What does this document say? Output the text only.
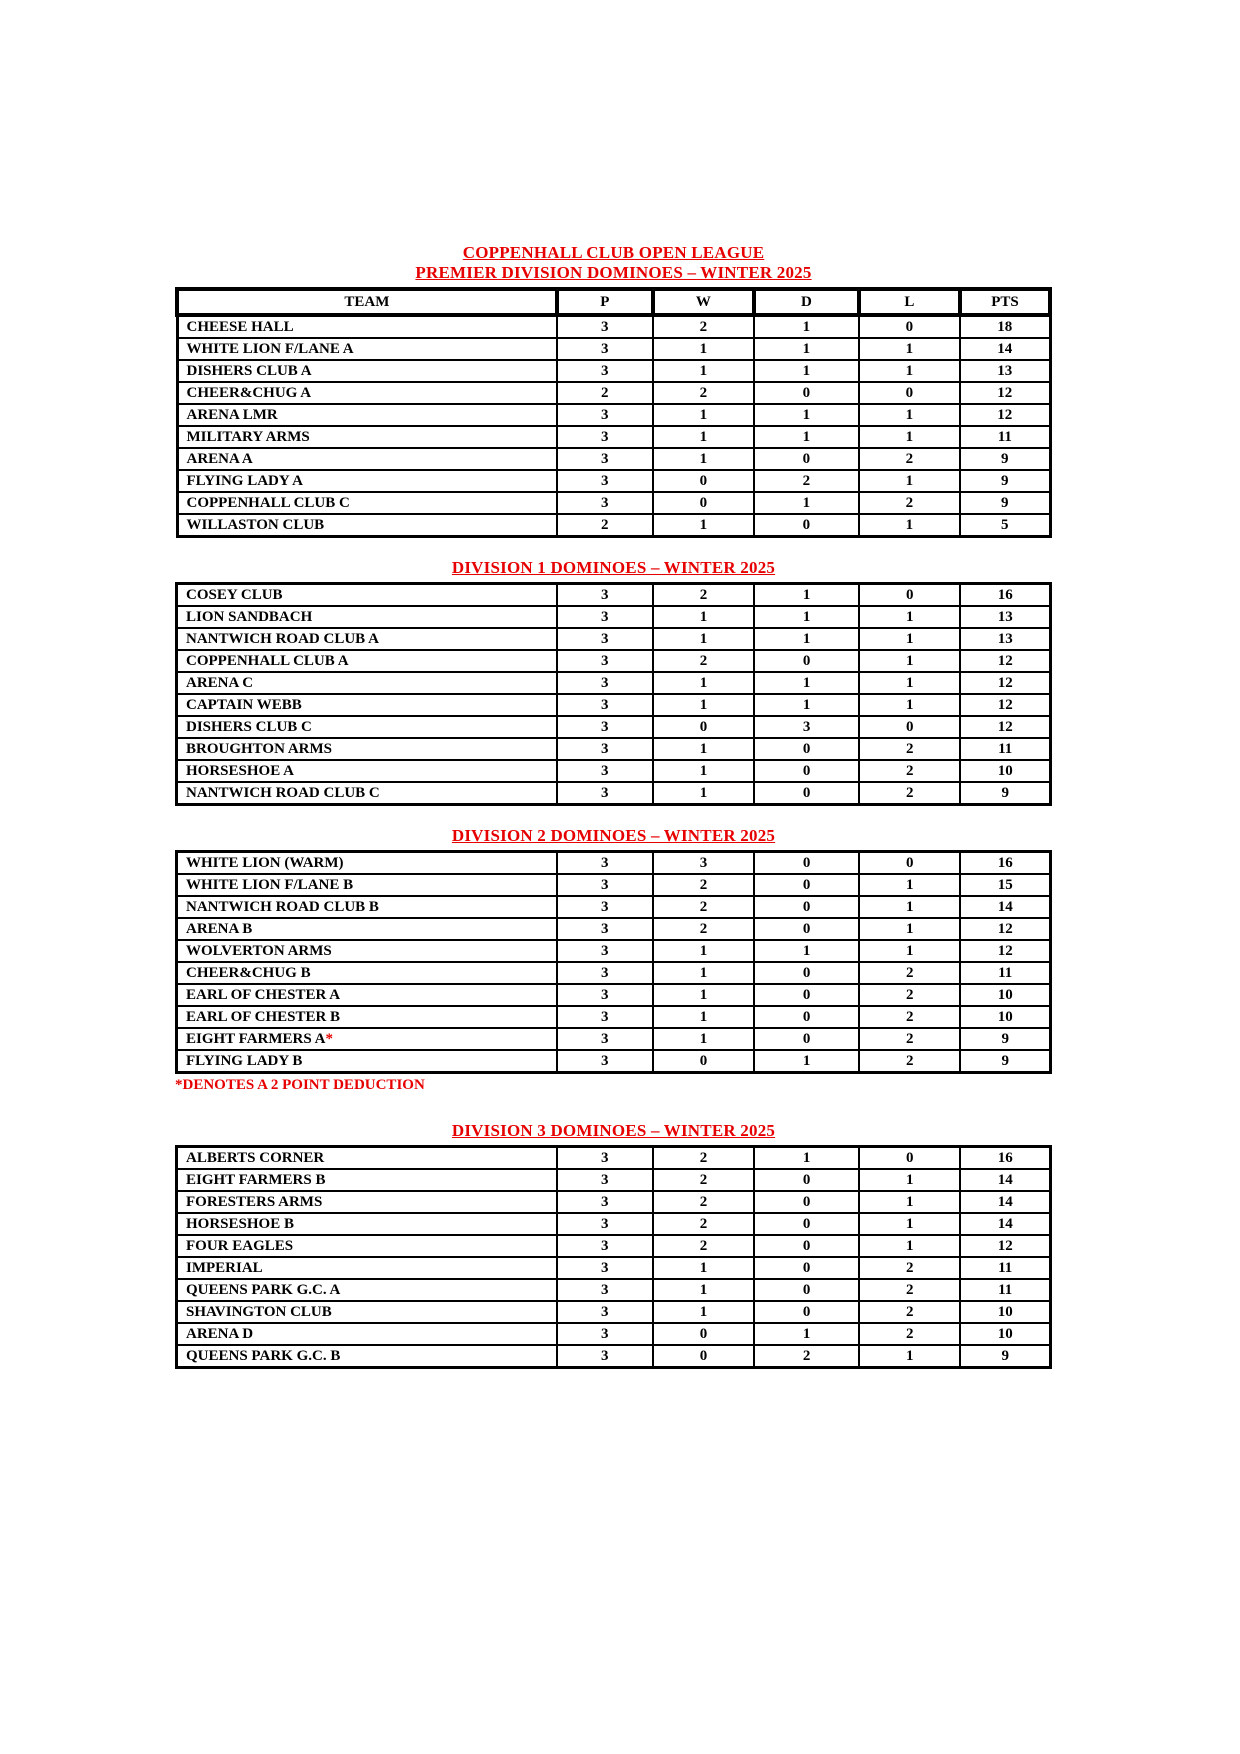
COPPENHALL CLUB OPEN LEAGUE
PREMIER DIVISION DOMINOES – WINTER 2025
TEAM	P	W	D	L	PTS
CHEESE HALL	3	2	1	0	18
WHITE LION F/LANE A	3	1	1	1	14
DISHERS CLUB A	3	1	1	1	13
CHEER&CHUG A	2	2	0	0	12
ARENA LMR	3	1	1	1	12
MILITARY ARMS	3	1	1	1	11
ARENA A	3	1	0	2	9
FLYING LADY A	3	0	2	1	9
COPPENHALL CLUB C	3	0	1	2	9
WILLASTON CLUB	2	1	0	1	5
DIVISION 1 DOMINOES – WINTER 2025
COSEY CLUB	3	2	1	0	16
LION SANDBACH	3	1	1	1	13
NANTWICH ROAD CLUB A	3	1	1	1	13
COPPENHALL CLUB A	3	2	0	1	12
ARENA C	3	1	1	1	12
CAPTAIN WEBB	3	1	1	1	12
DISHERS CLUB C	3	0	3	0	12
BROUGHTON ARMS	3	1	0	2	11
HORSESHOE A	3	1	0	2	10
NANTWICH ROAD CLUB C	3	1	0	2	9
DIVISION 2 DOMINOES – WINTER 2025
WHITE LION (WARM)	3	3	0	0	16
WHITE LION F/LANE B	3	2	0	1	15
NANTWICH ROAD CLUB B	3	2	0	1	14
ARENA B	3	2	0	1	12
WOLVERTON ARMS	3	1	1	1	12
CHEER&CHUG B	3	1	0	2	11
EARL OF CHESTER A	3	1	0	2	10
EARL OF CHESTER B	3	1	0	2	10
EIGHT FARMERS A*	3	1	0	2	9
FLYING LADY B	3	0	1	2	9
*DENOTES A 2 POINT DEDUCTION
DIVISION 3 DOMINOES – WINTER 2025
ALBERTS CORNER	3	2	1	0	16
EIGHT FARMERS B	3	2	0	1	14
FORESTERS ARMS	3	2	0	1	14
HORSESHOE B	3	2	0	1	14
FOUR EAGLES	3	2	0	1	12
IMPERIAL	3	1	0	2	11
QUEENS PARK G.C. A	3	1	0	2	11
SHAVINGTON CLUB	3	1	0	2	10
ARENA D	3	0	1	2	10
QUEENS PARK G.C. B	3	0	2	1	9
